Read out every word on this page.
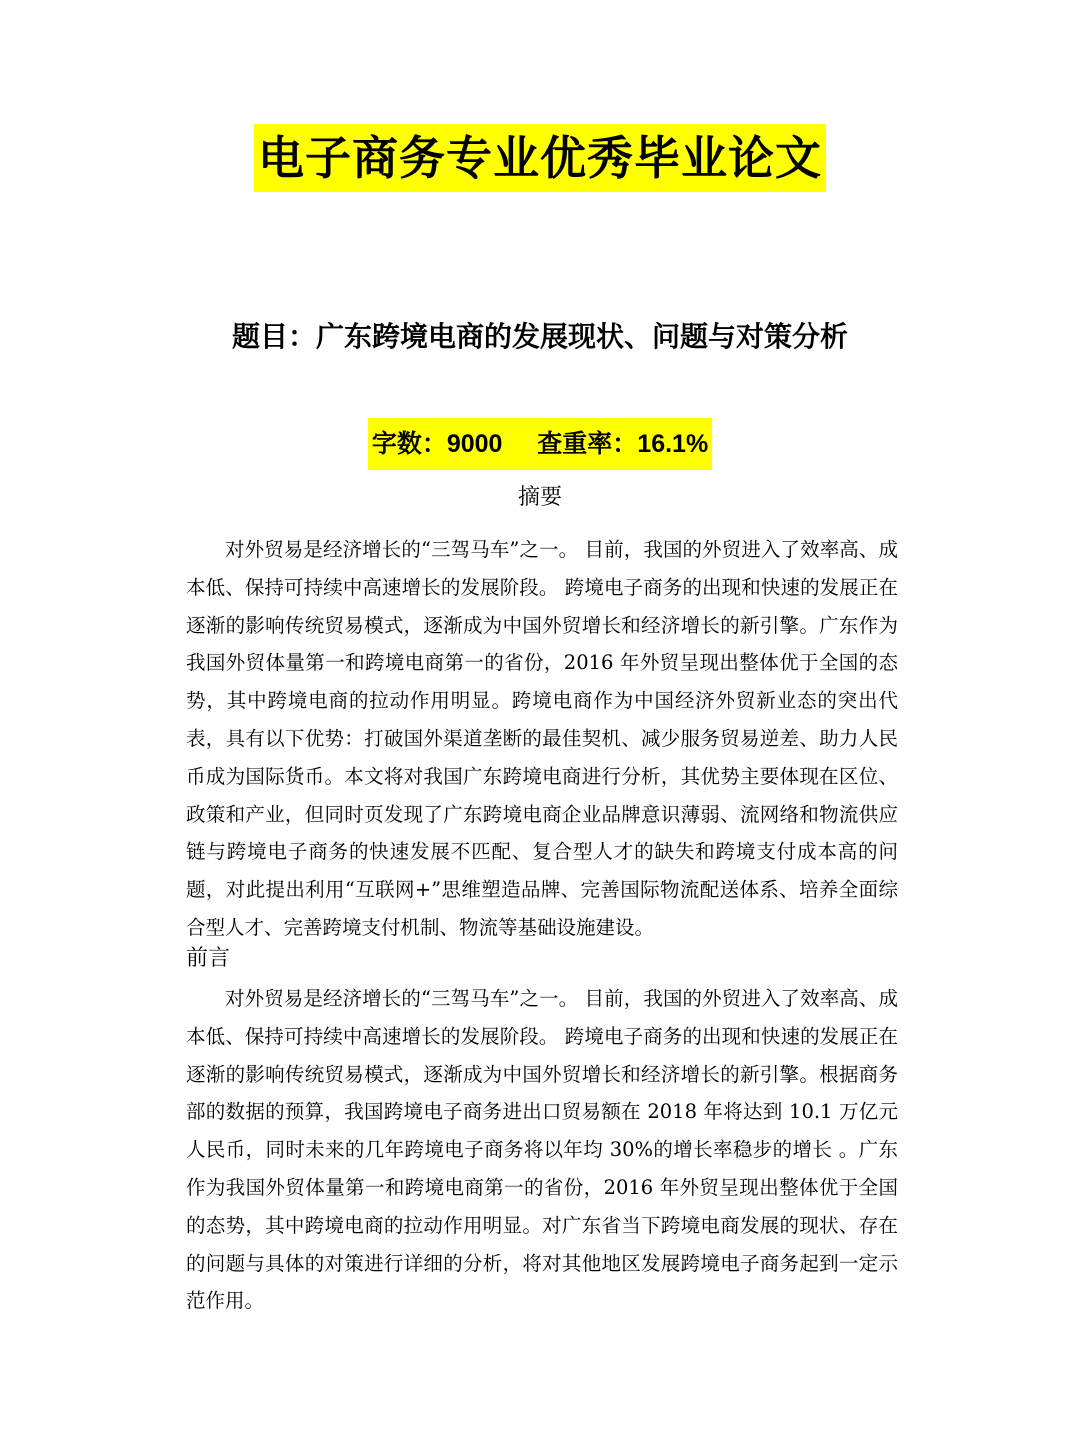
电子商务专业优秀毕业论文
题目：广东跨境电商的发展现状、问题与对策分析
字数：9000 查重率：16.1%
摘要

对外贸易是经济增长的“三驾马车”之一。 目前，我国的外贸进入了效率高、成本低、保持可持续中高速增长的发展阶段。 跨境电子商务的出现和快速的发展正在逐渐的影响传统贸易模式，逐渐成为中国外贸增长和经济增长的新引擎。广东作为我国外贸体量第一和跨境电商第一的省份，2016 年外贸呈现出整体优于全国的态势，其中跨境电商的拉动作用明显。跨境电商作为中国经济外贸新业态的突出代表，具有以下优势：打破国外渠道垄断的最佳契机、减少服务贸易逆差、助力人民币成为国际货币。本文将对我国广东跨境电商进行分析，其优势主要体现在区位、政策和产业，但同时页发现了广东跨境电商企业品牌意识薄弱、流网络和物流供应链与跨境电子商务的快速发展不匹配、复合型人才的缺失和跨境支付成本高的问题，对此提出利用“互联网+”思维塑造品牌、完善国际物流配送体系、培养全面综合型人才、完善跨境支付机制、物流等基础设施建设。

前言

对外贸易是经济增长的“三驾马车”之一。 目前，我国的外贸进入了效率高、成本低、保持可持续中高速增长的发展阶段。 跨境电子商务的出现和快速的发展正在逐渐的影响传统贸易模式，逐渐成为中国外贸增长和经济增长的新引擎。根据商务部的数据的预算，我国跨境电子商务进出口贸易额在 2018 年将达到 10.1 万亿元人民币，同时未来的几年跨境电子商务将以年均 30%的增长率稳步的增长 。广东作为我国外贸体量第一和跨境电商第一的省份，2016 年外贸呈现出整体优于全国的态势，其中跨境电商的拉动作用明显。对广东省当下跨境电商发展的现状、存在的问题与具体的对策进行详细的分析，将对其他地区发展跨境电子商务起到一定示范作用。
